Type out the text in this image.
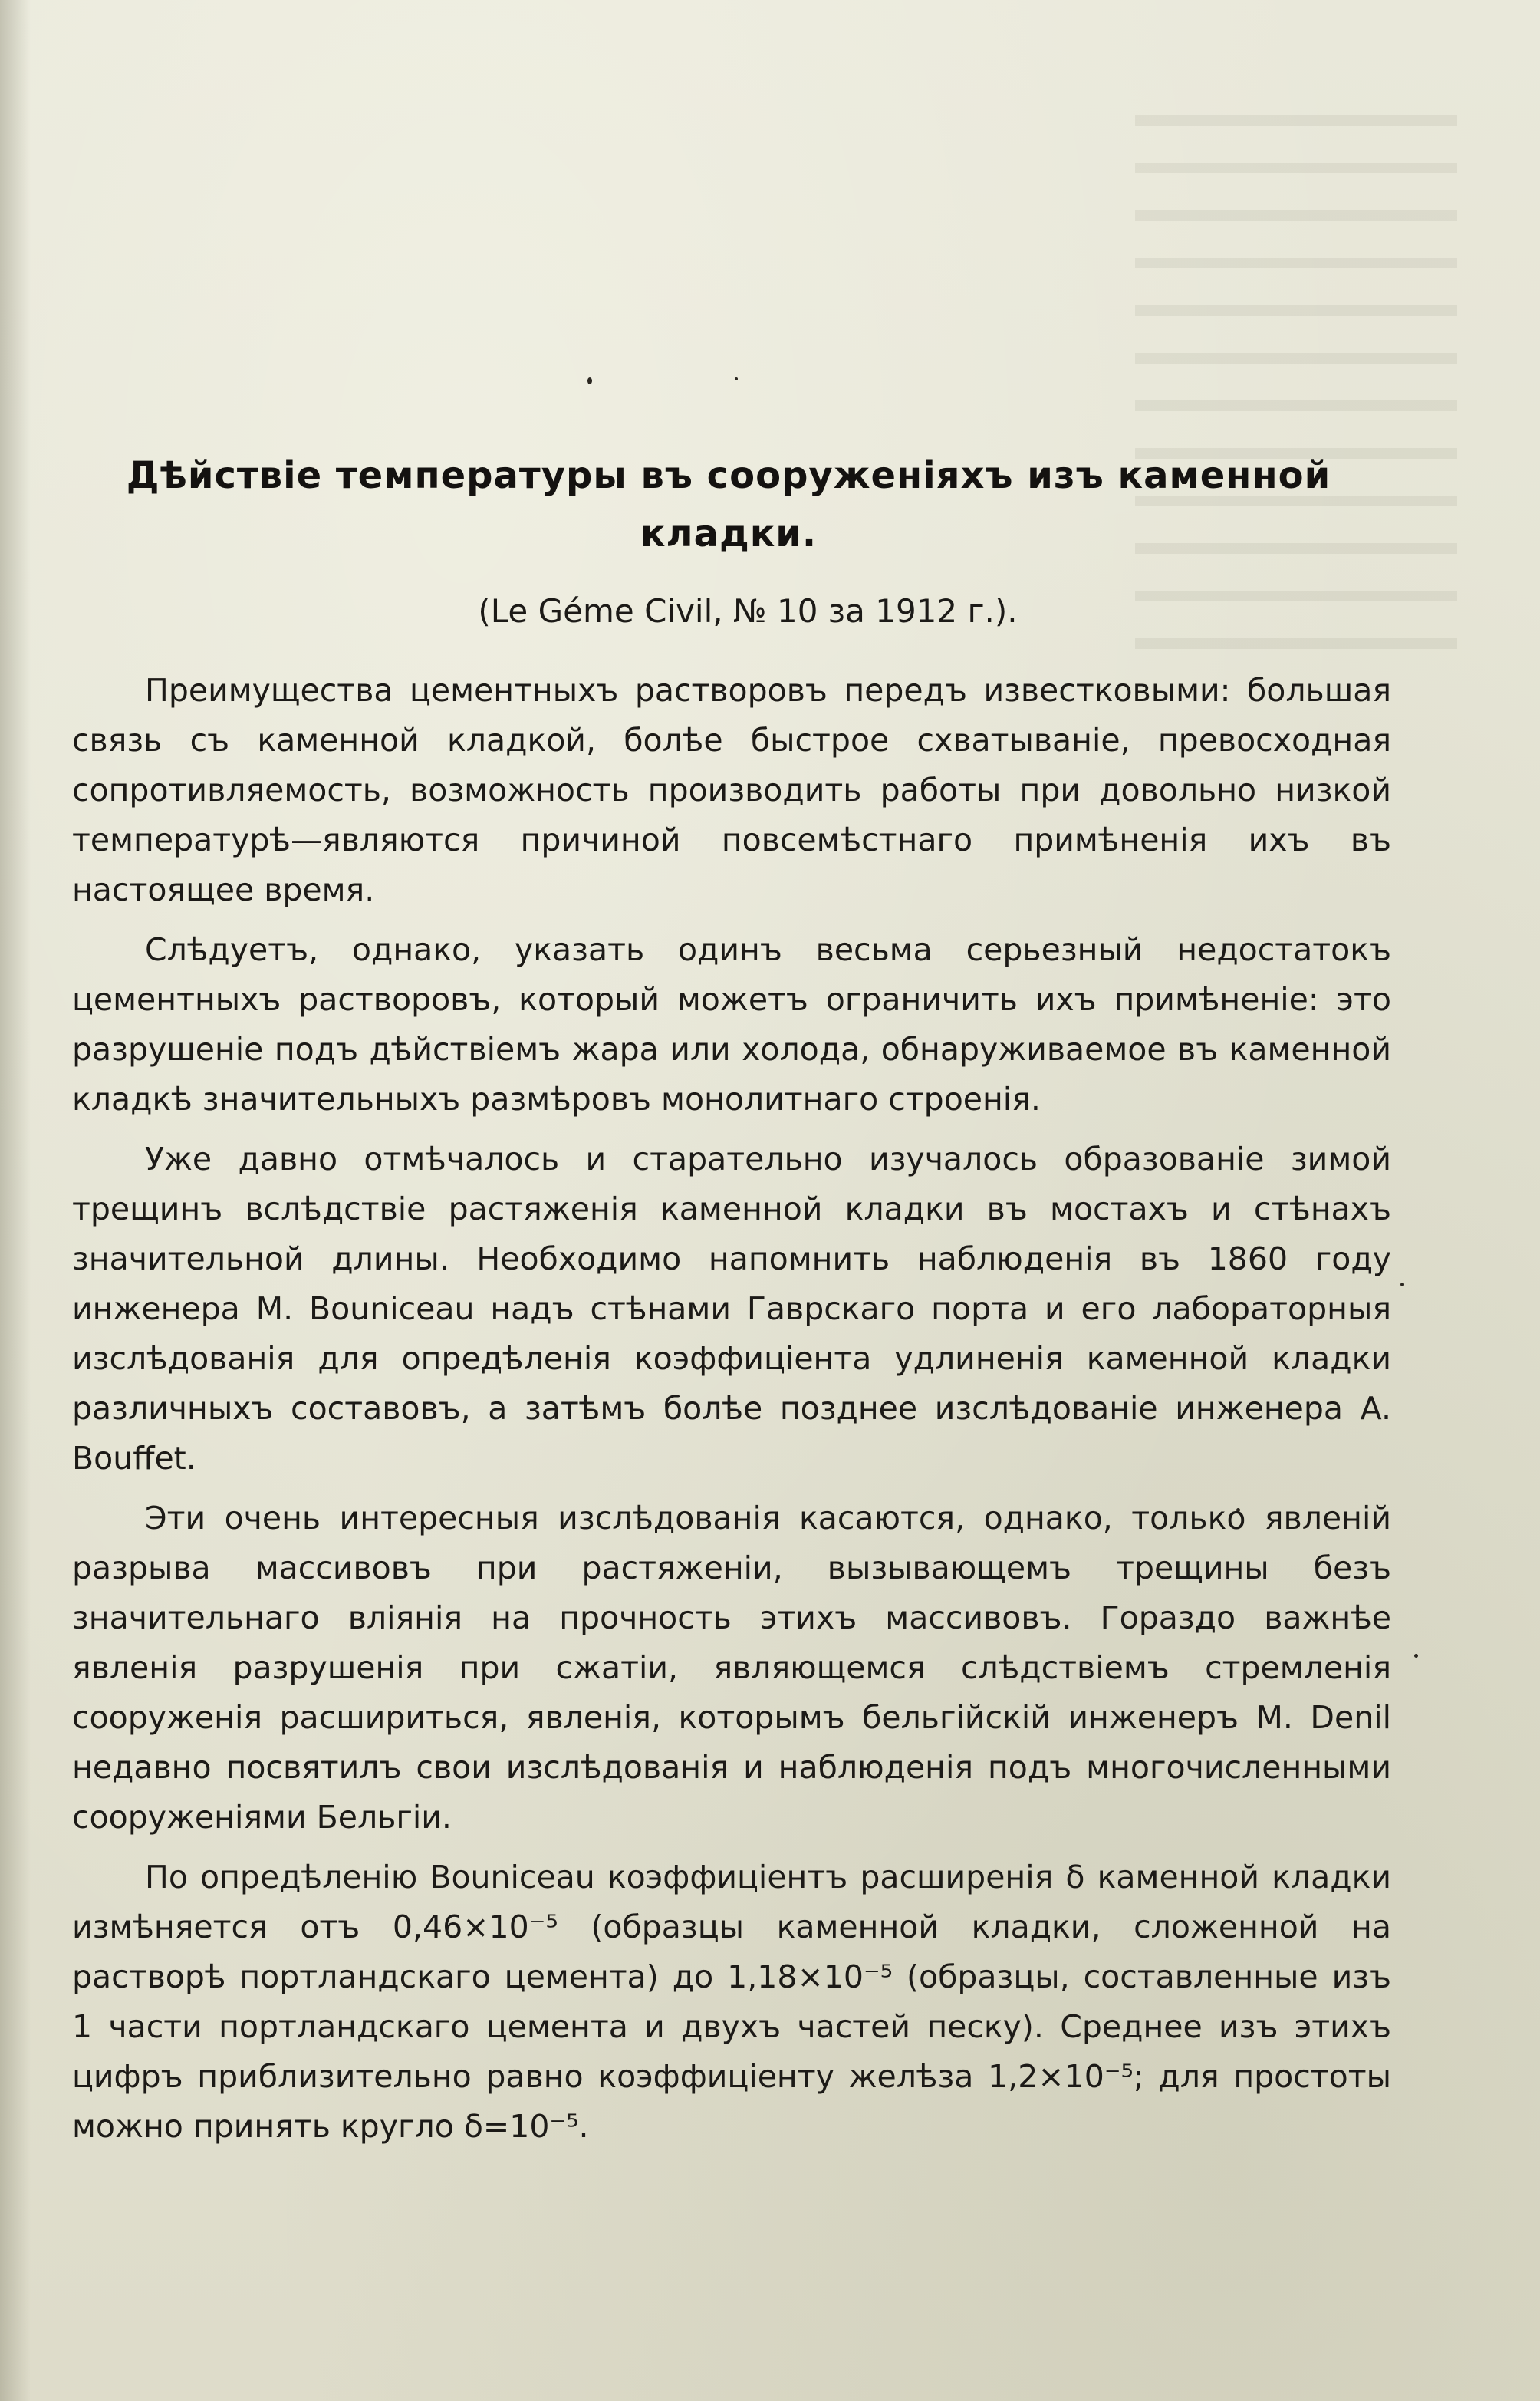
Дѣйствіе температуры въ сооруженіяхъ изъ каменной
кладки.
(Le Géme Civil, № 10 за 1912 г.).

Преимущества цементныхъ растворовъ передъ известковыми: большая связь съ каменной кладкой, болѣе быстрое схватываніе, превосходная сопротивляемость, возможность производить работы при довольно низкой температурѣ—являются причиной повсемѣстнаго примѣненія ихъ въ настоящее время.

Слѣдуетъ, однако, указать одинъ весьма серьезный недостатокъ цементныхъ растворовъ, который можетъ ограничить ихъ примѣненіе: это разрушеніе подъ дѣйствіемъ жара или холода, обнаруживаемое въ каменной кладкѣ значительныхъ размѣровъ монолитнаго строенія.

Уже давно отмѣчалось и старательно изучалось образованіе зимой трещинъ вслѣдствіе растяженія каменной кладки въ мостахъ и стѣнахъ значительной длины. Необходимо напомнить наблюденія въ 1860 году инженера M. Bouniceau надъ стѣнами Гаврскаго порта и его лабораторныя изслѣдованія для опредѣленія коэффиціента удлиненія каменной кладки различныхъ составовъ, а затѣмъ болѣе позднее изслѣдованіе инженера A. Bouffet.

Эти очень интересныя изслѣдованія касаются, однако, только явленій разрыва массивовъ при растяженіи, вызывающемъ трещины безъ значительнаго вліянія на прочность этихъ массивовъ. Гораздо важнѣе явленія разрушенія при сжатіи, являющемся слѣдствіемъ стремленія сооруженія расшириться, явленія, которымъ бельгійскій инженеръ M. Denil недавно посвятилъ свои изслѣдованія и наблюденія подъ многочисленными сооруженіями Бельгіи.

По опредѣленію Bouniceau коэффиціентъ расширенія δ каменной кладки измѣняется отъ 0,46×10⁻⁵ (образцы каменной кладки, сложенной на растворѣ портландскаго цемента) до 1,18×10⁻⁵ (образцы, составленные изъ 1 части портландскаго цемента и двухъ частей песку). Среднее изъ этихъ цифръ приблизительно равно коэффиціенту желѣза 1,2×10⁻⁵; для простоты можно принять кругло δ=10⁻⁵.
